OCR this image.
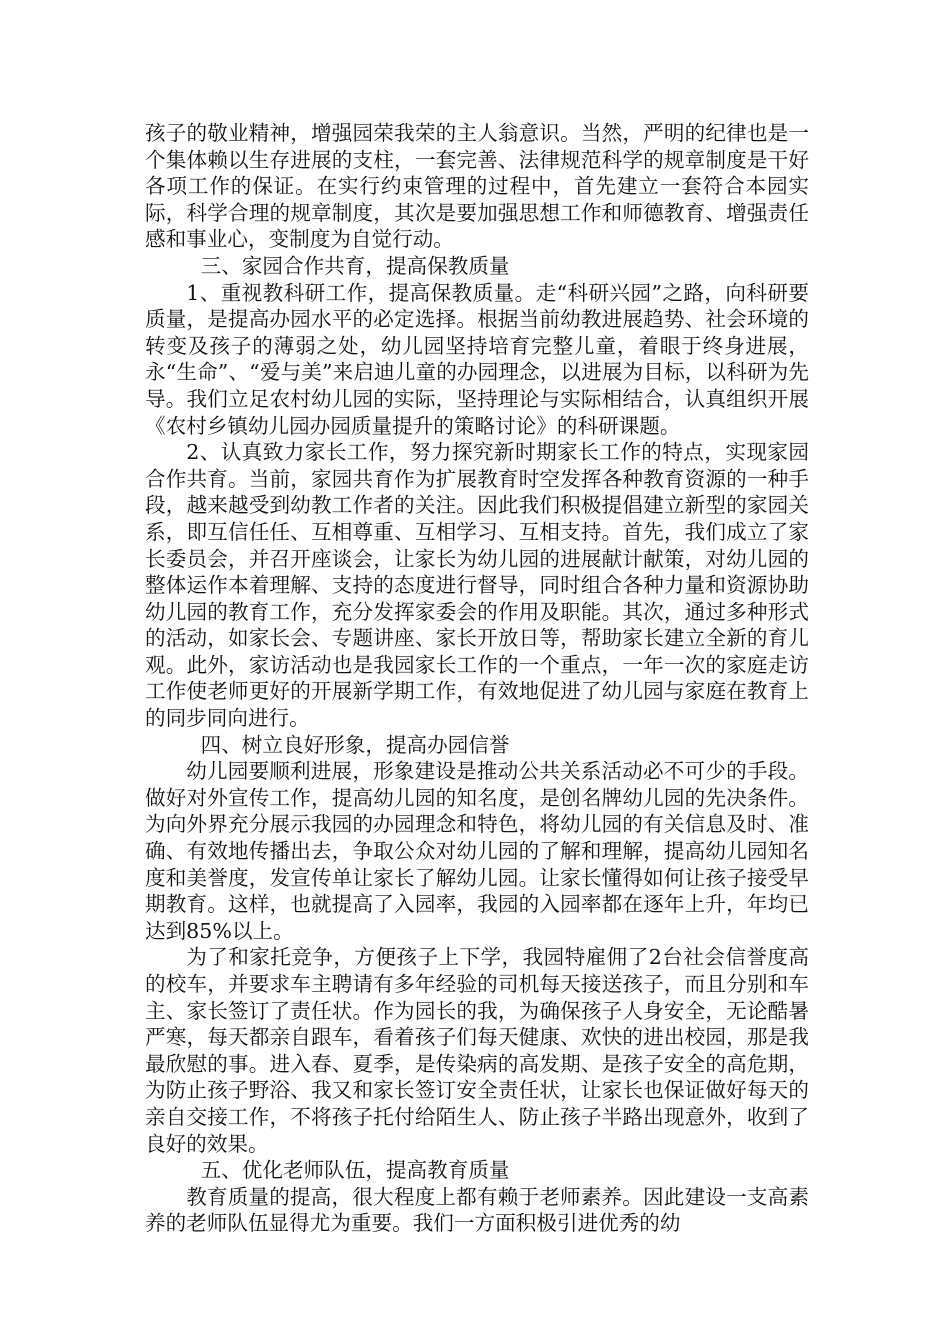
孩子的敬业精神，增强园荣我荣的主人翁意识。当然，严明的纪律也是一个集体赖以生存进展的支柱，一套完善、法律规范科学的规章制度是干好各项工作的保证。在实行约束管理的过程中，首先建立一套符合本园实际，科学合理的规章制度，其次是要加强思想工作和师德教育、增强责任感和事业心，变制度为自觉行动。

三、家园合作共育，提高保教质量

1、重视教科研工作，提高保教质量。走“科研兴园”之路，向科研要质量，是提高办园水平的必定选择。根据当前幼教进展趋势、社会环境的转变及孩子的薄弱之处，幼儿园坚持培育完整儿童，着眼于终身进展，永“生命”、“爱与美”来启迪儿童的办园理念，以进展为目标，以科研为先导。我们立足农村幼儿园的实际，坚持理论与实际相结合，认真组织开展《农村乡镇幼儿园办园质量提升的策略讨论》的科研课题。

2、认真致力家长工作，努力探究新时期家长工作的特点，实现家园合作共育。当前，家园共育作为扩展教育时空发挥各种教育资源的一种手段，越来越受到幼教工作者的关注。因此我们积极提倡建立新型的家园关系，即互信任任、互相尊重、互相学习、互相支持。首先，我们成立了家长委员会，并召开座谈会，让家长为幼儿园的进展献计献策，对幼儿园的整体运作本着理解、支持的态度进行督导，同时组合各种力量和资源协助幼儿园的教育工作，充分发挥家委会的作用及职能。其次，通过多种形式的活动，如家长会、专题讲座、家长开放日等，帮助家长建立全新的育儿观。此外，家访活动也是我园家长工作的一个重点，一年一次的家庭走访工作使老师更好的开展新学期工作，有效地促进了幼儿园与家庭在教育上的同步同向进行。

四、树立良好形象，提高办园信誉

幼儿园要顺利进展，形象建设是推动公共关系活动必不可少的手段。做好对外宣传工作，提高幼儿园的知名度，是创名牌幼儿园的先决条件。为向外界充分展示我园的办园理念和特色，将幼儿园的有关信息及时、准确、有效地传播出去，争取公众对幼儿园的了解和理解，提高幼儿园知名度和美誉度，发宣传单让家长了解幼儿园。让家长懂得如何让孩子接受早期教育。这样，也就提高了入园率，我园的入园率都在逐年上升，年均已达到85%以上。

为了和家托竞争，方便孩子上下学，我园特雇佣了2台社会信誉度高的校车，并要求车主聘请有多年经验的司机每天接送孩子，而且分别和车主、家长签订了责任状。作为园长的我，为确保孩子人身安全，无论酷暑严寒，每天都亲自跟车，看着孩子们每天健康、欢快的进出校园，那是我最欣慰的事。进入春、夏季，是传染病的高发期、是孩子安全的高危期，为防止孩子野浴、我又和家长签订安全责任状，让家长也保证做好每天的亲自交接工作，不将孩子托付给陌生人、防止孩子半路出现意外，收到了良好的效果。

五、优化老师队伍，提高教育质量

教育质量的提高，很大程度上都有赖于老师素养。因此建设一支高素养的老师队伍显得尤为重要。我们一方面积极引进优秀的幼
